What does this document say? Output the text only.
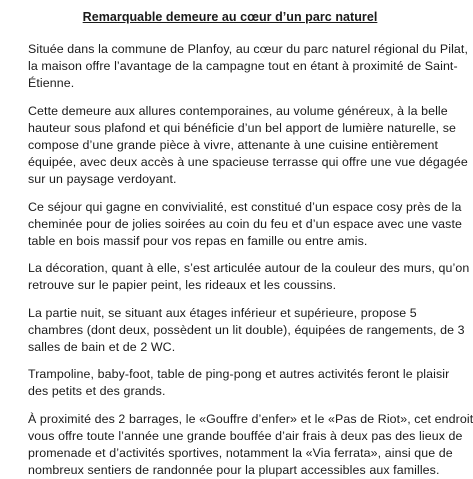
Remarquable demeure au cœur d’un parc naturel
Située dans la commune de Planfoy, au cœur du parc naturel régional du Pilat,
la maison offre l’avantage de la campagne tout en étant à proximité de Saint-
Étienne.
Cette demeure aux allures contemporaines, au volume généreux, à la belle
hauteur sous plafond et qui bénéficie d’un bel apport de lumière naturelle, se
compose d’une grande pièce à vivre, attenante à une cuisine entièrement
équipée, avec deux accès à une spacieuse terrasse qui offre une vue dégagée
sur un paysage verdoyant.
Ce séjour qui gagne en convivialité, est constitué d’un espace cosy près de la
cheminée pour de jolies soirées au coin du feu et d’un espace avec une vaste
table en bois massif pour vos repas en famille ou entre amis.
La décoration, quant à elle, s’est articulée autour de la couleur des murs, qu’on
retrouve sur le papier peint, les rideaux et les coussins.
La partie nuit, se situant aux étages inférieur et supérieure, propose 5
chambres (dont deux, possèdent un lit double), équipées de rangements, de 3
salles de bain et de 2 WC.
Trampoline, baby-foot, table de ping-pong et autres activités feront le plaisir
des petits et des grands.
À proximité des 2 barrages, le «Gouffre d’enfer» et le «Pas de Riot», cet endroit
vous offre toute l’année une grande bouffée d’air frais à deux pas des lieux de
promenade et d’activités sportives, notamment la «Via ferrata», ainsi que de
nombreux sentiers de randonnée pour la plupart accessibles aux familles.
